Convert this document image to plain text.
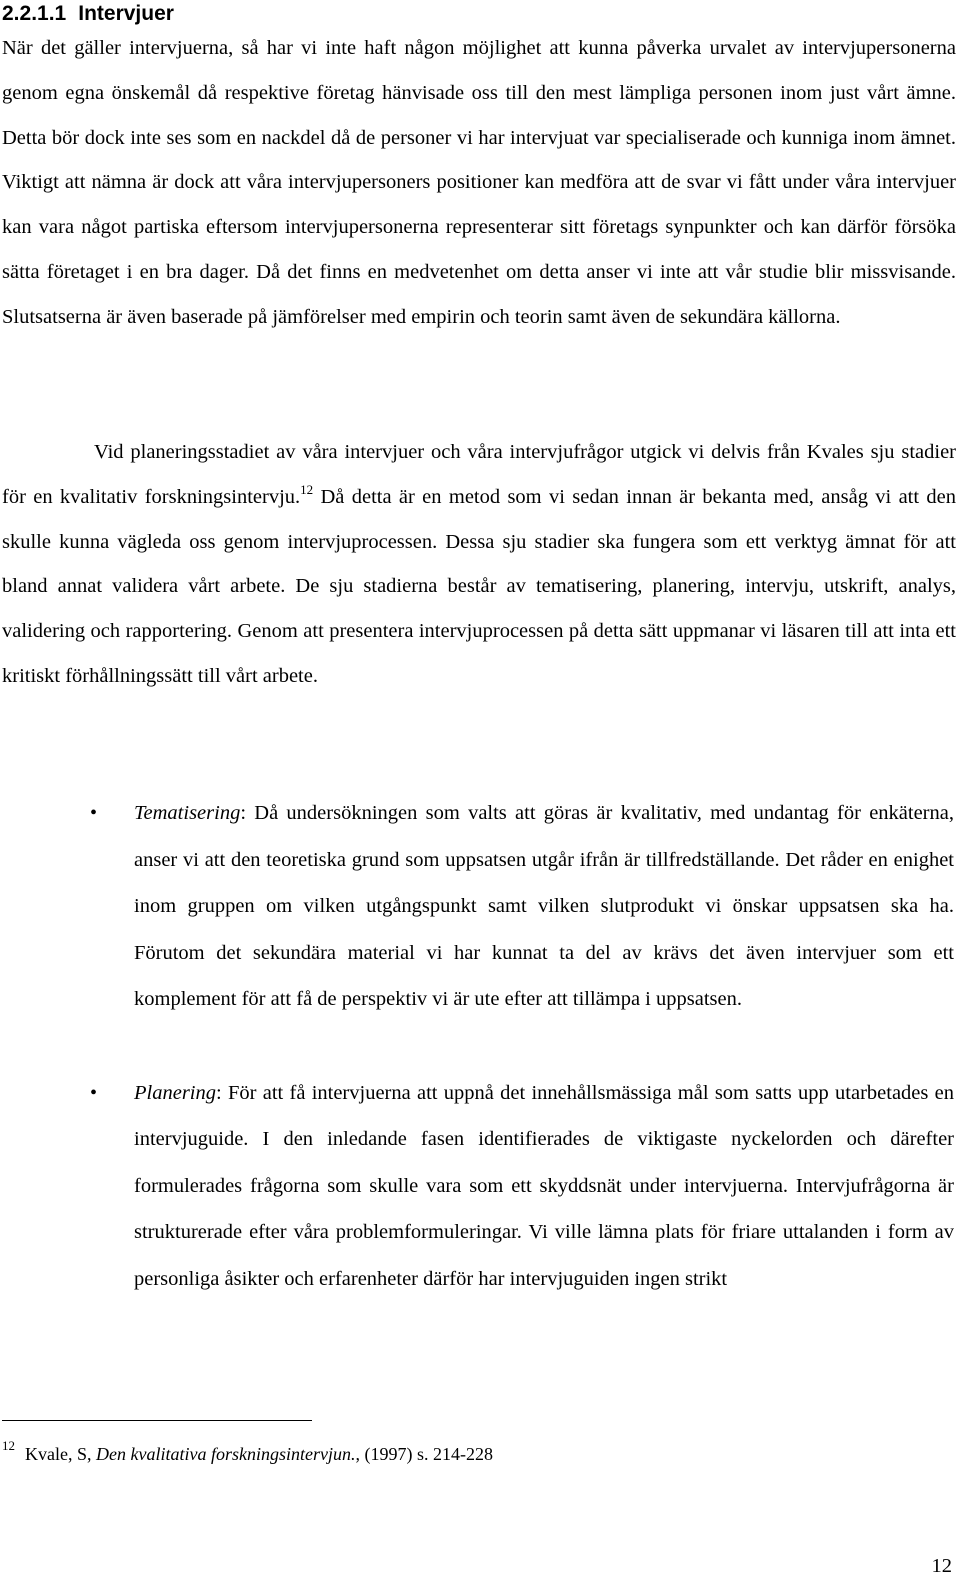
2.2.1.1 Intervjuer

När det gäller intervjuerna, så har vi inte haft någon möjlighet att kunna påverka urvalet av intervjupersonerna genom egna önskemål då respektive företag hänvisade oss till den mest lämpliga personen inom just vårt ämne. Detta bör dock inte ses som en nackdel då de personer vi har intervjuat var specialiserade och kunniga inom ämnet. Viktigt att nämna är dock att våra intervjupersoners positioner kan medföra att de svar vi fått under våra intervjuer kan vara något partiska eftersom intervjupersonerna representerar sitt företags synpunkter och kan därför försöka sätta företaget i en bra dager. Då det finns en medvetenhet om detta anser vi inte att vår studie blir missvisande. Slutsatserna är även baserade på jämförelser med empirin och teorin samt även de sekundära källorna.

Vid planeringsstadiet av våra intervjuer och våra intervjufrågor utgick vi delvis från Kvales sju stadier för en kvalitativ forskningsintervju.$^{12}$ Då detta är en metod som vi sedan innan är bekanta med, ansåg vi att den skulle kunna vägleda oss genom intervjuprocessen. Dessa sju stadier ska fungera som ett verktyg ämnat för att bland annat validera vårt arbete. De sju stadierna består av tematisering, planering, intervju, utskrift, analys, validering och rapportering. Genom att presentera intervjuprocessen på detta sätt uppmanar vi läsaren till att inta ett kritiskt förhållningssätt till vårt arbete.

• Tematisering: Då undersökningen som valts att göras är kvalitativ, med undantag för enkäterna, anser vi att den teoretiska grund som uppsatsen utgår ifrån är tillfredställande. Det råder en enighet inom gruppen om vilken utgångspunkt samt vilken slutprodukt vi önskar uppsatsen ska ha. Förutom det sekundära material vi har kunnat ta del av krävs det även intervjuer som ett komplement för att få de perspektiv vi är ute efter att tillämpa i uppsatsen.
• Planering: För att få intervjuerna att uppnå det innehållsmässiga mål som satts upp utarbetades en intervjuguide. I den inledande fasen identifierades de viktigaste nyckelorden och därefter formulerades frågorna som skulle vara som ett skyddsnät under intervjuerna. Intervjufrågorna är strukturerade efter våra problemformuleringar. Vi ville lämna plats för friare uttalanden i form av personliga åsikter och erfarenheter därför har intervjuguiden ingen strikt
$^{12}$ Kvale, S, Den kvalitativa forskningsintervjun., (1997) s. 214-228
12
